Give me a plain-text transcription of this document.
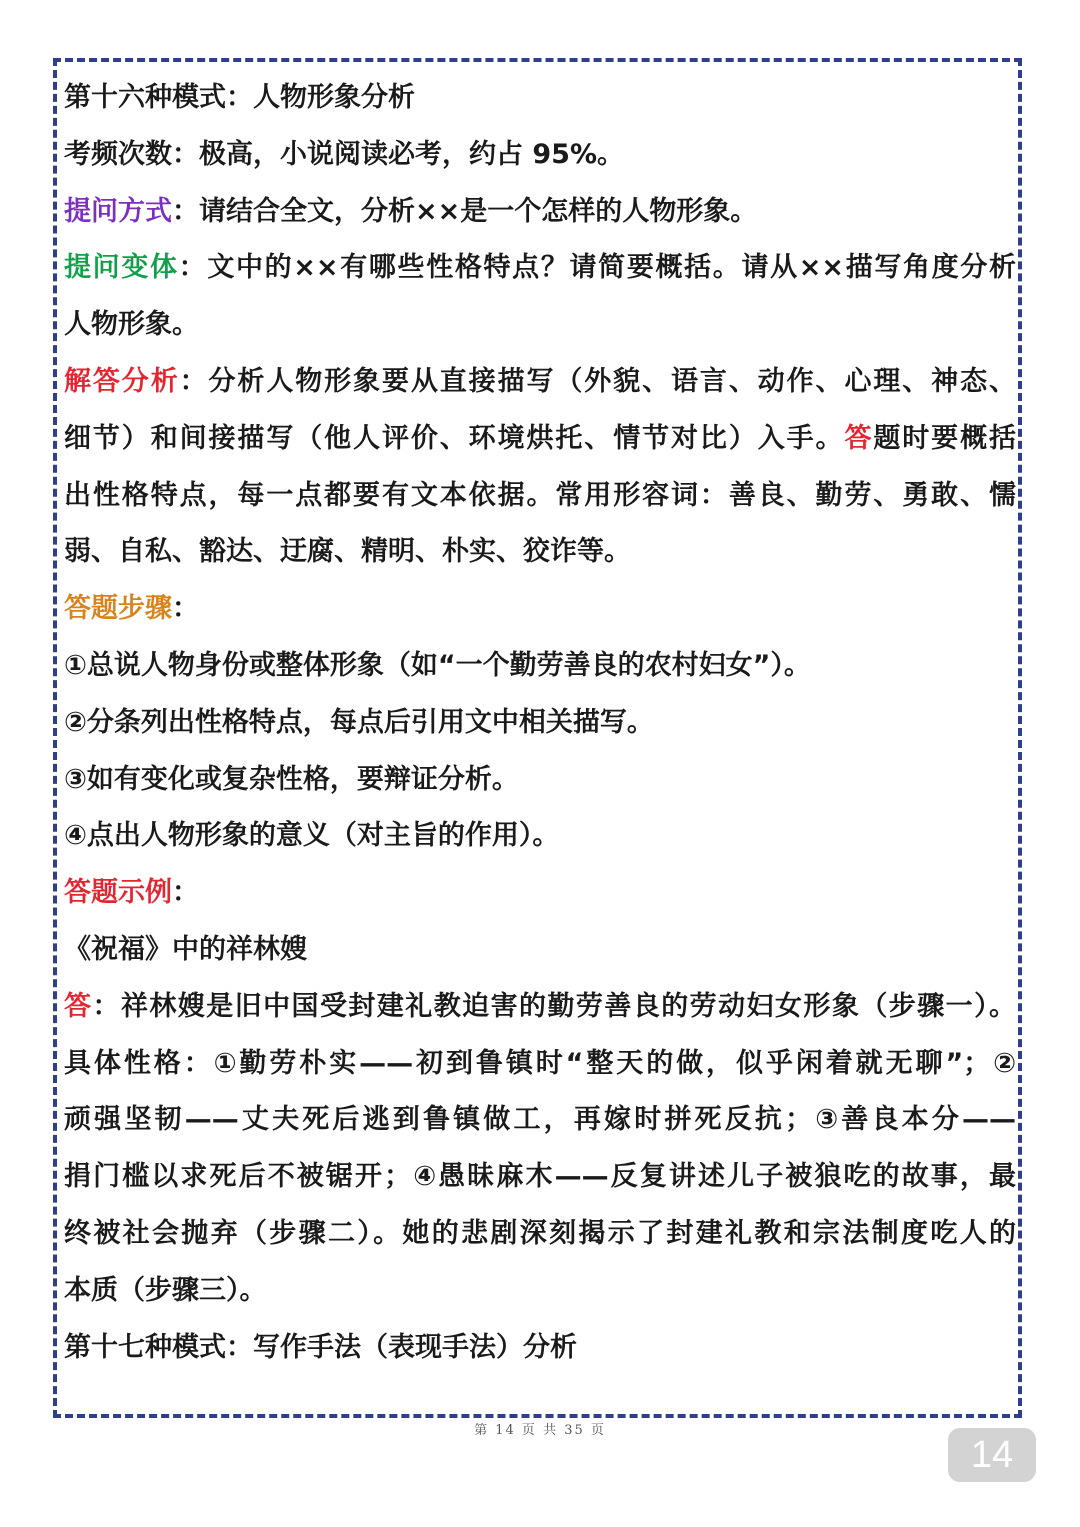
第十六种模式：人物形象分析
考频次数：极高，小说阅读必考，约占 95%。
提问方式：请结合全文，分析××是一个怎样的人物形象。
提问变体：文中的××有哪些性格特点？请简要概括。请从××描写角度分析
人物形象。
解答分析：分析人物形象要从直接描写（外貌、语言、动作、心理、神态、
细节）和间接描写（他人评价、环境烘托、情节对比）入手。答题时要概括
出性格特点，每一点都要有文本依据。常用形容词：善良、勤劳、勇敢、懦
弱、自私、豁达、迂腐、精明、朴实、狡诈等。
答题步骤：
①总说人物身份或整体形象（如“一个勤劳善良的农村妇女”）。
②分条列出性格特点，每点后引用文中相关描写。
③如有变化或复杂性格，要辩证分析。
④点出人物形象的意义（对主旨的作用）。
答题示例：
《祝福》中的祥林嫂
答：祥林嫂是旧中国受封建礼教迫害的勤劳善良的劳动妇女形象（步骤一）。
具体性格：①勤劳朴实——初到鲁镇时“整天的做，似乎闲着就无聊”；②
顽强坚韧——丈夫死后逃到鲁镇做工，再嫁时拼死反抗；③善良本分——
捐门槛以求死后不被锯开；④愚昧麻木——反复讲述儿子被狼吃的故事，最
终被社会抛弃（步骤二）。她的悲剧深刻揭示了封建礼教和宗法制度吃人的
本质（步骤三）。
第十七种模式：写作手法（表现手法）分析
第 14 页 共 35 页
14
